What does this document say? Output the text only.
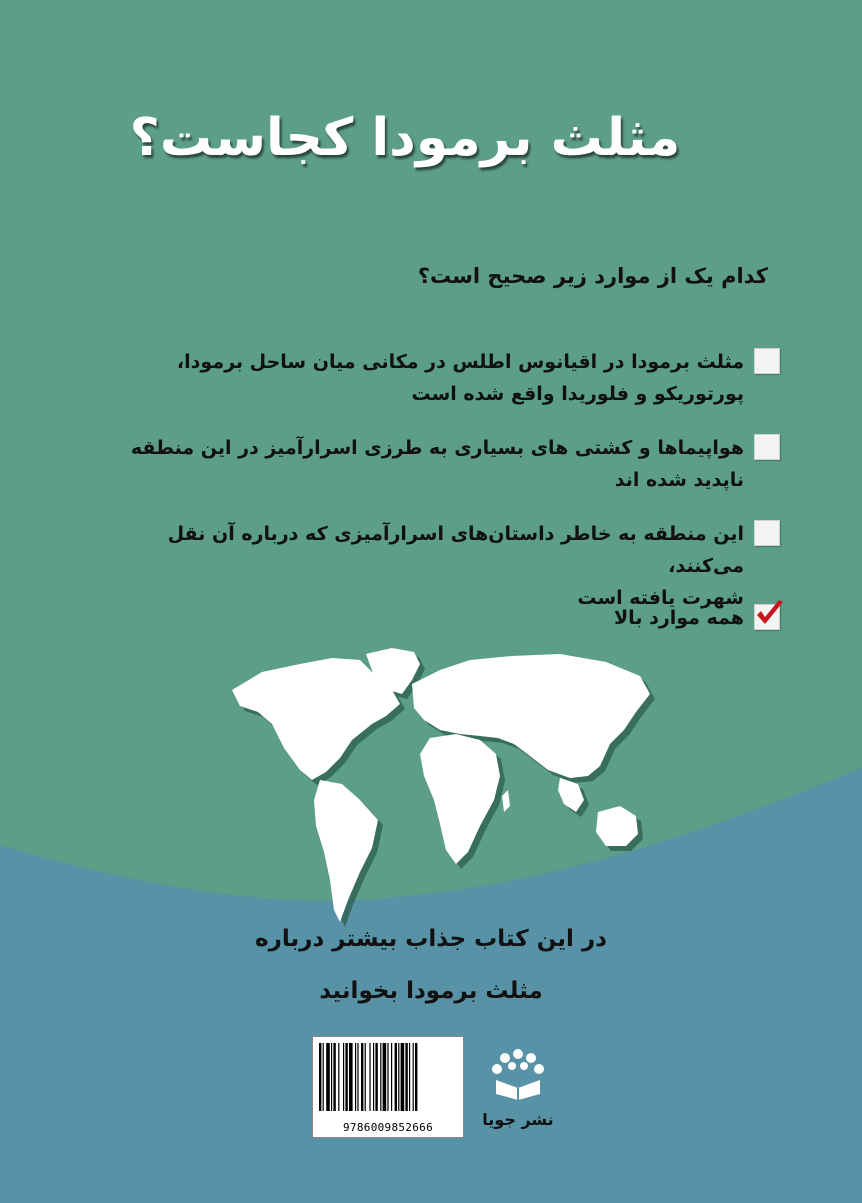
مثلث برمودا کجاست؟
کدام یک از موارد زیر صحیح است؟
مثلث برمودا در اقیانوس اطلس در مکانی میان ساحل برمودا،
پورتوریکو و فلوریدا واقع شده است
هواپیماها و کشتی های بسیاری به طرزی اسرارآمیز در این منطقه
ناپدید شده اند
این منطقه به خاطر داستان‌های اسرارآمیزی که درباره آن نقل می‌کنند،
شهرت یافته است
همه موارد بالا
در این کتاب جذاب بیشتر درباره
مثلث برمودا بخوانید
9786009852666	نشر جویا
